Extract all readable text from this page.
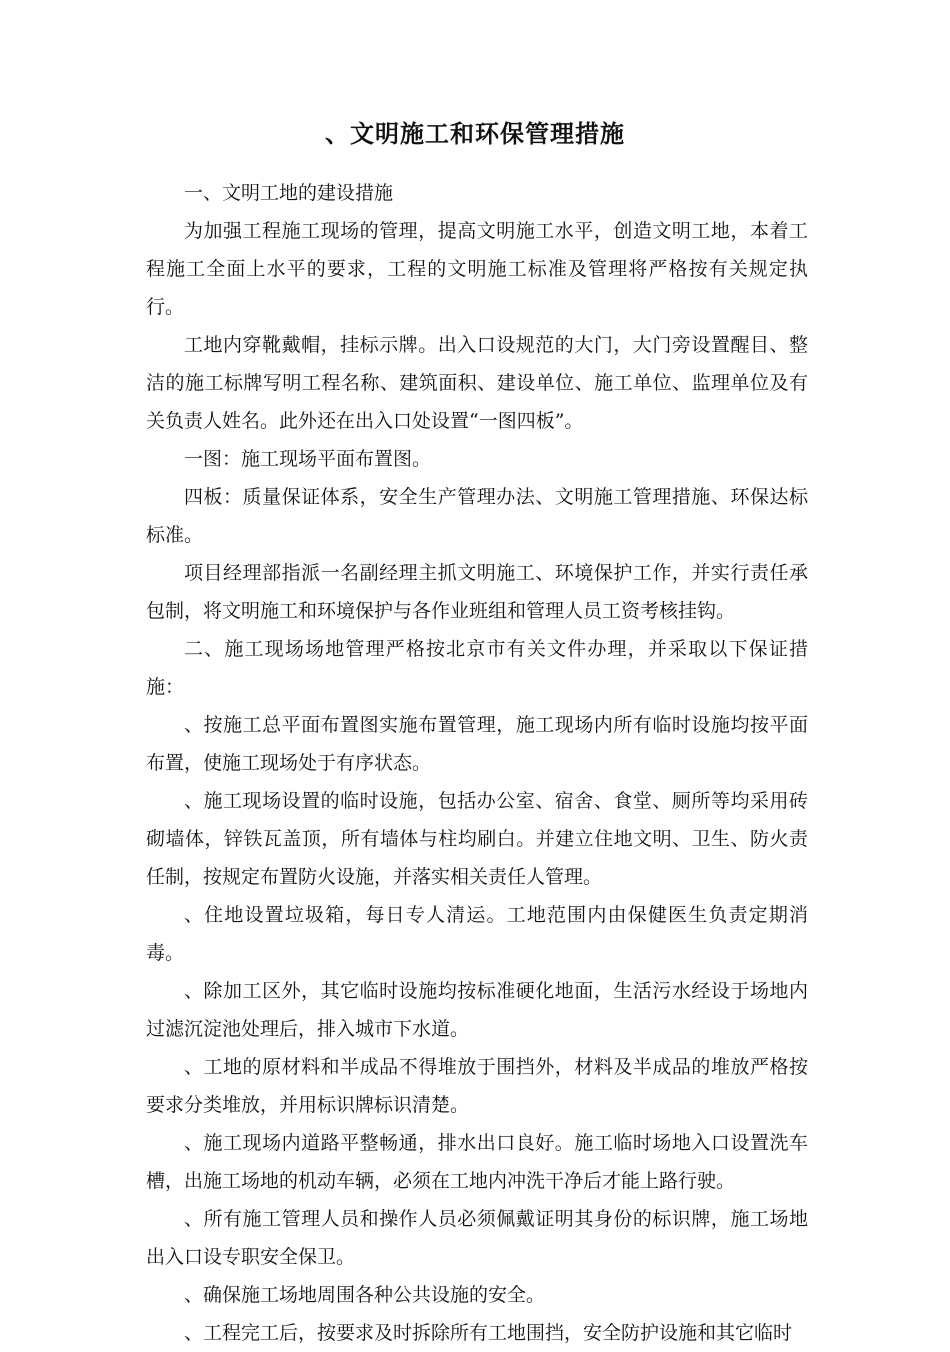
、文明施工和环保管理措施

一、文明工地的建设措施

为加强工程施工现场的管理，提高文明施工水平，创造文明工地，本着工程施工全面上水平的要求，工程的文明施工标准及管理将严格按有关规定执行。

工地内穿靴戴帽，挂标示牌。出入口设规范的大门，大门旁设置醒目、整洁的施工标牌写明工程名称、建筑面积、建设单位、施工单位、监理单位及有关负责人姓名。此外还在出入口处设置“一图四板”。

一图：施工现场平面布置图。

四板：质量保证体系，安全生产管理办法、文明施工管理措施、环保达标标准。

项目经理部指派一名副经理主抓文明施工、环境保护工作，并实行责任承包制，将文明施工和环境保护与各作业班组和管理人员工资考核挂钩。

二、施工现场场地管理严格按北京市有关文件办理，并采取以下保证措施：

、按施工总平面布置图实施布置管理，施工现场内所有临时设施均按平面布置，使施工现场处于有序状态。

、施工现场设置的临时设施，包括办公室、宿舍、食堂、厕所等均采用砖砌墙体，锌铁瓦盖顶，所有墙体与柱均刷白。并建立住地文明、卫生、防火责任制，按规定布置防火设施，并落实相关责任人管理。

、住地设置垃圾箱，每日专人清运。工地范围内由保健医生负责定期消毒。

、除加工区外，其它临时设施均按标准硬化地面，生活污水经设于场地内过滤沉淀池处理后，排入城市下水道。

、工地的原材料和半成品不得堆放于围挡外，材料及半成品的堆放严格按要求分类堆放，并用标识牌标识清楚。

、施工现场内道路平整畅通，排水出口良好。施工临时场地入口设置洗车槽，出施工场地的机动车辆，必须在工地内冲洗干净后才能上路行驶。

、所有施工管理人员和操作人员必须佩戴证明其身份的标识牌，施工场地出入口设专职安全保卫。

、确保施工场地周围各种公共设施的安全。

、工程完工后，按要求及时拆除所有工地围挡，安全防护设施和其它临时
